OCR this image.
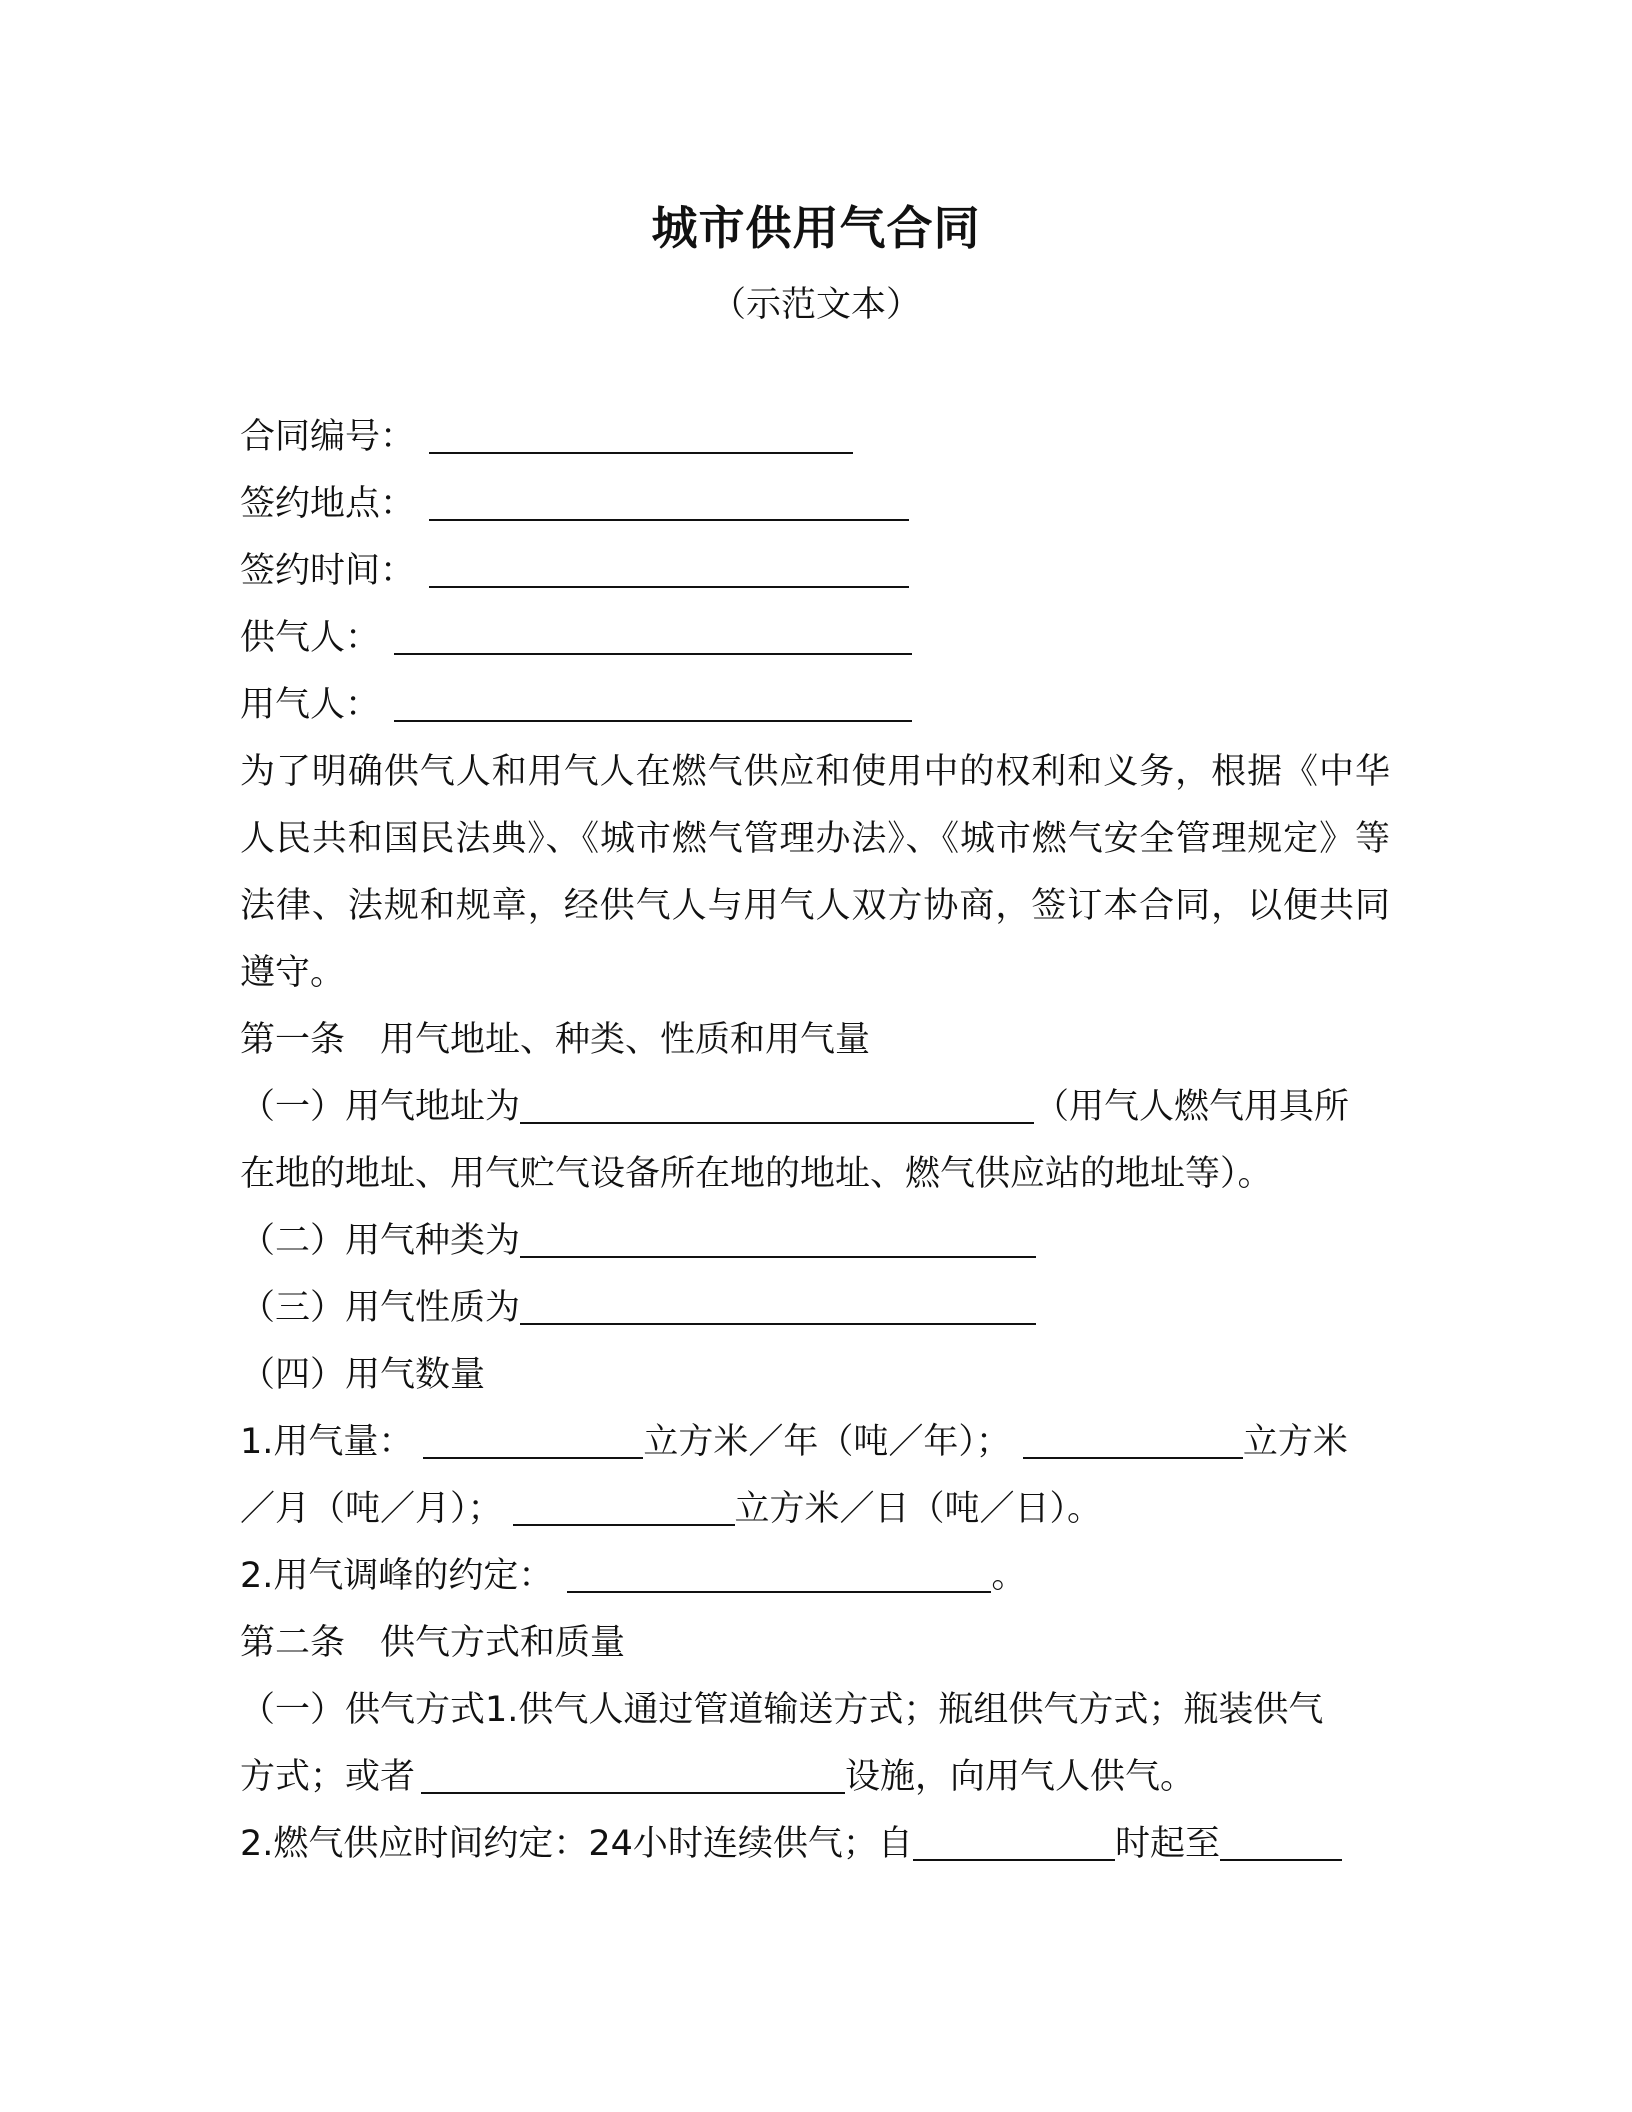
城市供用气合同
（示范文本）
合同编号：
签约地点：
签约时间：
供气人：
用气人：
为了明确供气人和用气人在燃气供应和使用中的权利和义务，根据《中华人民共和国民法典》、《城市燃气管理办法》、《城市燃气安全管理规定》等法律、法规和规章，经供气人与用气人双方协商，签订本合同，以便共同遵守。
第一条　用气地址、种类、性质和用气量
（一）用气地址为	（用气人燃气用具所
在地的地址、用气贮气设备所在地的地址、燃气供应站的地址等）。
（二）用气种类为
（三）用气性质为
（四）用气数量
1.用气量：	立方米／年（吨／年）；	立方米
／月（吨／月）；	立方米／日（吨／日）。
2.用气调峰的约定：	。
第二条　供气方式和质量
（一）供气方式1.供气人通过管道输送方式；瓶组供气方式；瓶装供气
方式；或者	设施，向用气人供气。
2.燃气供应时间约定：24小时连续供气；自	时起至
